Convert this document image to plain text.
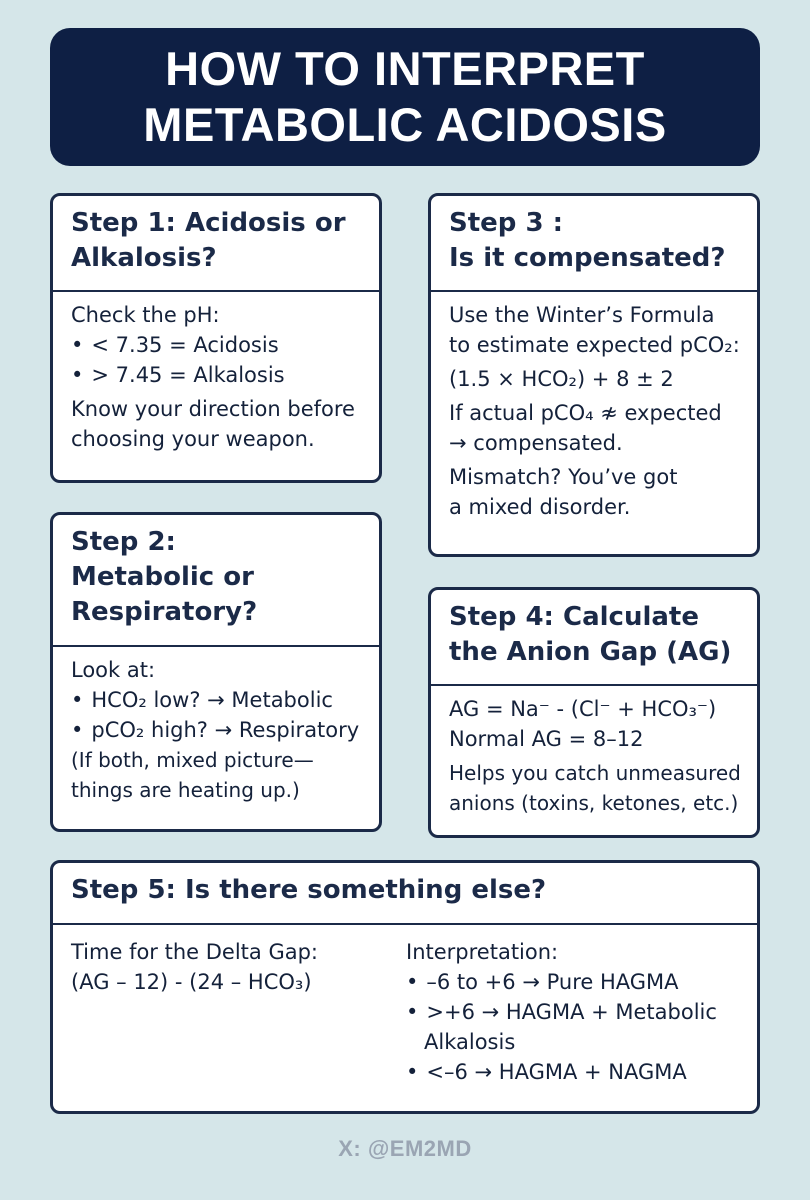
HOW TO INTERPRET
METABOLIC ACIDOSIS
Step 1: Acidosis or
Alkalosis?
Check the pH:
• < 7.35 = Acidosis
• > 7.45 = Alkalosis
Know your direction before
choosing your weapon.
Step 2:
Metabolic or
Respiratory?
Look at:
• HCO₂ low? → Metabolic
• pCO₂ high? → Respiratory
(If both, mixed picture—
things are heating up.)
Step 3 :
Is it compensated?
Use the Winter’s Formula
to estimate expected pCO₂:
(1.5 × HCO₂) + 8 ± 2
If actual pCO₄ ≉ expected
→ compensated.
Mismatch? You’ve got
a mixed disorder.
Step 4: Calculate
the Anion Gap (AG)
AG = Na⁻ - (Cl⁻ + HCO₃⁻)
Normal AG = 8–12
Helps you catch unmeasured
anions (toxins, ketones, etc.)
Step 5: Is there something else?
Time for the Delta Gap:
(AG – 12) - (24 – HCO₃)
Interpretation:
• –6 to +6 → Pure HAGMA
• >+6 → HAGMA + Metabolic
Alkalosis
• <–6 → HAGMA + NAGMA
X: @EM2MD
